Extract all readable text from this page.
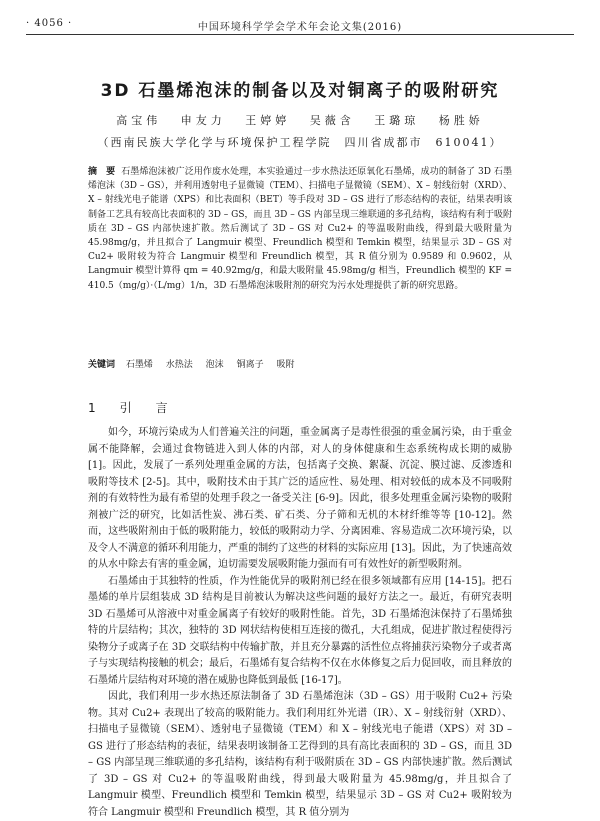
· 4056 ·	中国环境科学学会学术年会论文集(2016)
3D 石墨烯泡沫的制备以及对铜离子的吸附研究
高宝伟 申友力 王婷婷 吴薇含 王璐琼 杨胜娇
（西南民族大学化学与环境保护工程学院　四川省成都市　610041）
摘　要 石墨烯泡沫被广泛用作废水处理，本实验通过一步水热法还原氧化石墨烯，成功的制备了 3D 石墨烯泡沫（3D – GS），并利用透射电子显微镜（TEM）、扫描电子显微镜（SEM）、X – 射线衍射（XRD）、X – 射线光电子能谱（XPS）和比表面积（BET）等手段对 3D – GS 进行了形态结构的表征，结果表明该制备工艺具有较高比表面积的 3D – GS，而且 3D – GS 内部呈现三维联通的多孔结构，该结构有利于吸附质在 3D – GS 内部快速扩散。然后测试了 3D – GS 对 Cu2+ 的等温吸附曲线，得到最大吸附量为 45.98mg/g，并且拟合了 Langmuir 模型、Freundlich 模型和 Temkin 模型，结果显示 3D – GS 对 Cu2+ 吸附较为符合 Langmuir 模型和 Freundlich 模型，其 R 值分别为 0.9589 和 0.9602，从 Langmuir 模型计算得 qm = 40.92mg/g，和最大吸附量 45.98mg/g 相当，Freundlich 模型的 KF = 410.5（mg/g）·（L/mg）1/n，3D 石墨烯泡沫吸附剂的研究为污水处理提供了新的研究思路。
关键词 石墨烯 水热法 泡沫 铜离子 吸附
1　引　言

如今，环境污染成为人们普遍关注的问题，重金属离子是毒性很强的重金属污染，由于重金属不能降解，会通过食物链进入到人体的内部，对人的身体健康和生态系统构成长期的威胁 [1]。因此，发展了一系列处理重金属的方法，包括离子交换、絮凝、沉淀、膜过滤、反渗透和吸附等技术 [2-5]。其中，吸附技术由于其广泛的适应性、易处理、相对较低的成本及不同吸附剂的有效特性为最有希望的处理手段之一备受关注 [6-9]。因此，很多处理重金属污染物的吸附剂被广泛的研究，比如活性炭、沸石类、矿石类、分子筛和无机的木材纤维等等 [10-12]。然而，这些吸附剂由于低的吸附能力，较低的吸附动力学、分离困难、容易造成二次环境污染，以及令人不满意的循环利用能力，严重的制约了这些的材料的实际应用 [13]。因此，为了快速高效的从水中除去有害的重金属，迫切需要发展吸附能力强而有可有效性好的新型吸附剂。

石墨烯由于其独特的性质，作为性能优异的吸附剂已经在很多领域都有应用 [14-15]。把石墨烯的单片层组装成 3D 结构是目前被认为解决这些问题的最好方法之一。最近，有研究表明 3D 石墨烯可从溶液中对重金属离子有较好的吸附性能。首先，3D 石墨烯泡沫保持了石墨烯独特的片层结构；其次，独特的 3D 网状结构使相互连接的微孔，大孔组成，促进扩散过程使得污染物分子或离子在 3D 交联结构中传输扩散，并且充分暴露的活性位点将捕获污染物分子或者离子与实现结构接触的机会；最后，石墨烯有复合结构不仅在水体修复之后力促回收，而且释放的石墨烯片层结构对环境的潜在威胁也降低到最低 [16-17]。

因此，我们利用一步水热还原法制备了 3D 石墨烯泡沫（3D – GS）用于吸附 Cu2+ 污染物。其对 Cu2+ 表现出了较高的吸附能力。我们利用红外光谱（IR）、X – 射线衍射（XRD）、扫描电子显微镜（SEM）、透射电子显微镜（TEM）和 X – 射线光电子能谱（XPS）对 3D – GS 进行了形态结构的表征，结果表明该制备工艺得到的具有高比表面积的 3D – GS，而且 3D – GS 内部呈现三维联通的多孔结构，该结构有利于吸附质在 3D – GS 内部快速扩散。然后测试了 3D – GS 对 Cu2+ 的等温吸附曲线，得到最大吸附量为 45.98mg/g，并且拟合了 Langmuir 模型、Freundlich 模型和 Temkin 模型，结果显示 3D – GS 对 Cu2+ 吸附较为符合 Langmuir 模型和 Freundlich 模型，其 R 值分别为
